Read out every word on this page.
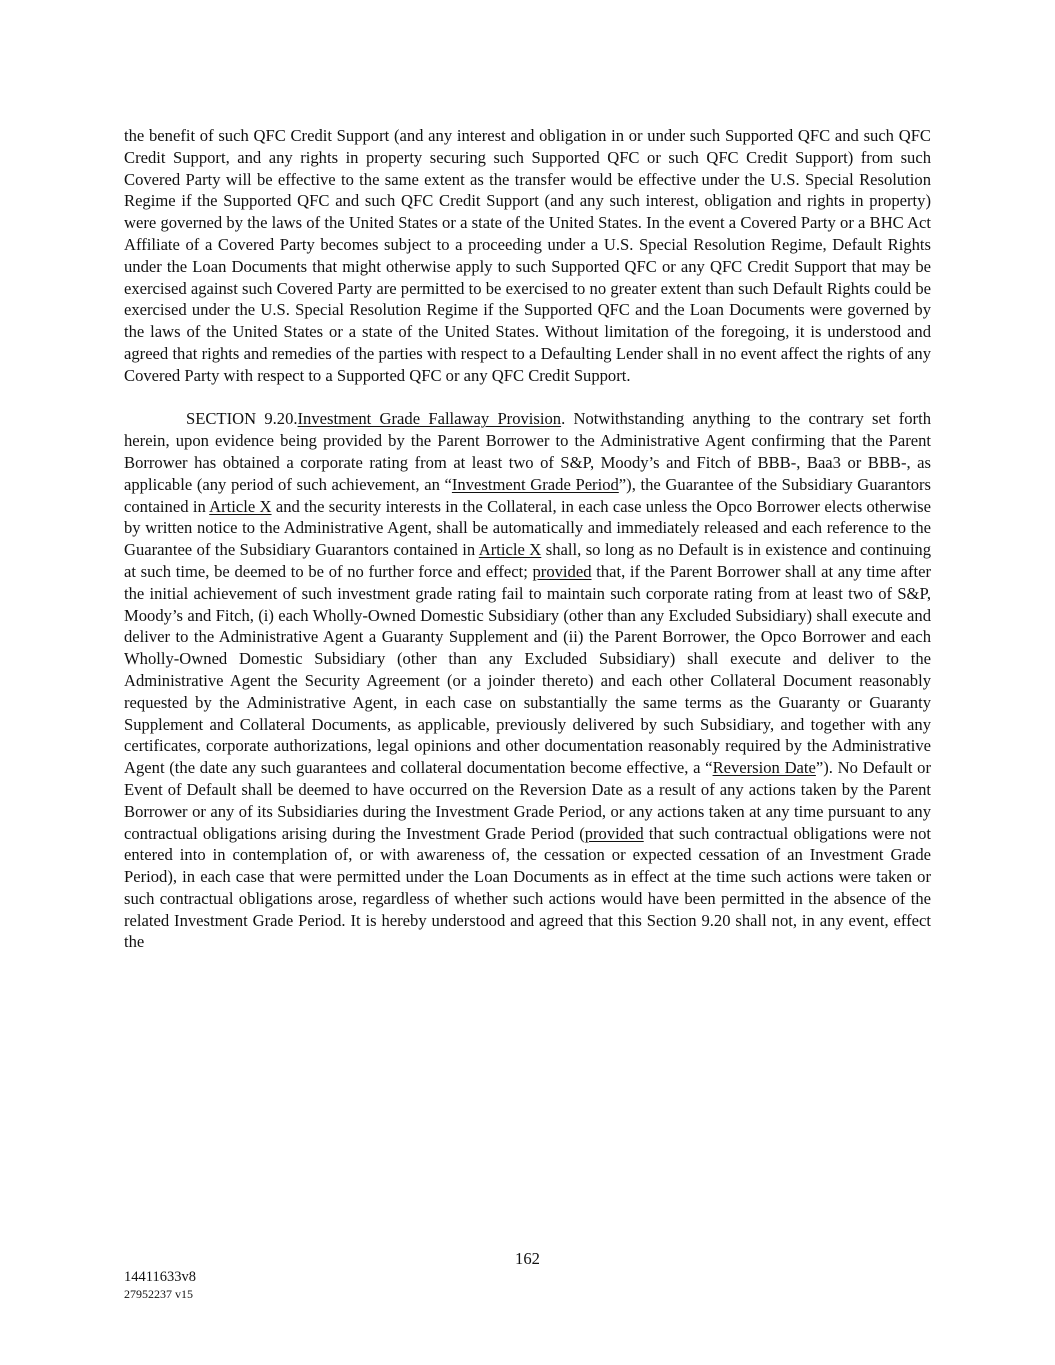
the benefit of such QFC Credit Support (and any interest and obligation in or under such Supported QFC and such QFC Credit Support, and any rights in property securing such Supported QFC or such QFC Credit Support) from such Covered Party will be effective to the same extent as the transfer would be effective under the U.S. Special Resolution Regime if the Supported QFC and such QFC Credit Support (and any such interest, obligation and rights in property) were governed by the laws of the United States or a state of the United States. In the event a Covered Party or a BHC Act Affiliate of a Covered Party becomes subject to a proceeding under a U.S. Special Resolution Regime, Default Rights under the Loan Documents that might otherwise apply to such Supported QFC or any QFC Credit Support that may be exercised against such Covered Party are permitted to be exercised to no greater extent than such Default Rights could be exercised under the U.S. Special Resolution Regime if the Supported QFC and the Loan Documents were governed by the laws of the United States or a state of the United States. Without limitation of the foregoing, it is understood and agreed that rights and remedies of the parties with respect to a Defaulting Lender shall in no event affect the rights of any Covered Party with respect to a Supported QFC or any QFC Credit Support.

SECTION 9.20.Investment Grade Fallaway Provision. Notwithstanding anything to the contrary set forth herein, upon evidence being provided by the Parent Borrower to the Administrative Agent confirming that the Parent Borrower has obtained a corporate rating from at least two of S&P, Moody’s and Fitch of BBB-, Baa3 or BBB-, as applicable (any period of such achievement, an “Investment Grade Period”), the Guarantee of the Subsidiary Guarantors contained in Article X and the security interests in the Collateral, in each case unless the Opco Borrower elects otherwise by written notice to the Administrative Agent, shall be automatically and immediately released and each reference to the Guarantee of the Subsidiary Guarantors contained in Article X shall, so long as no Default is in existence and continuing at such time, be deemed to be of no further force and effect; provided that, if the Parent Borrower shall at any time after the initial achievement of such investment grade rating fail to maintain such corporate rating from at least two of S&P, Moody’s and Fitch, (i) each Wholly-Owned Domestic Subsidiary (other than any Excluded Subsidiary) shall execute and deliver to the Administrative Agent a Guaranty Supplement and (ii) the Parent Borrower, the Opco Borrower and each Wholly-Owned Domestic Subsidiary (other than any Excluded Subsidiary) shall execute and deliver to the Administrative Agent the Security Agreement (or a joinder thereto) and each other Collateral Document reasonably requested by the Administrative Agent, in each case on substantially the same terms as the Guaranty or Guaranty Supplement and Collateral Documents, as applicable, previously delivered by such Subsidiary, and together with any certificates, corporate authorizations, legal opinions and other documentation reasonably required by the Administrative Agent (the date any such guarantees and collateral documentation become effective, a “Reversion Date”). No Default or Event of Default shall be deemed to have occurred on the Reversion Date as a result of any actions taken by the Parent Borrower or any of its Subsidiaries during the Investment Grade Period, or any actions taken at any time pursuant to any contractual obligations arising during the Investment Grade Period (provided that such contractual obligations were not entered into in contemplation of, or with awareness of, the cessation or expected cessation of an Investment Grade Period), in each case that were permitted under the Loan Documents as in effect at the time such actions were taken or such contractual obligations arose, regardless of whether such actions would have been permitted in the absence of the related Investment Grade Period. It is hereby understood and agreed that this Section 9.20 shall not, in any event, effect the

162
14411633v8
27952237 v15
